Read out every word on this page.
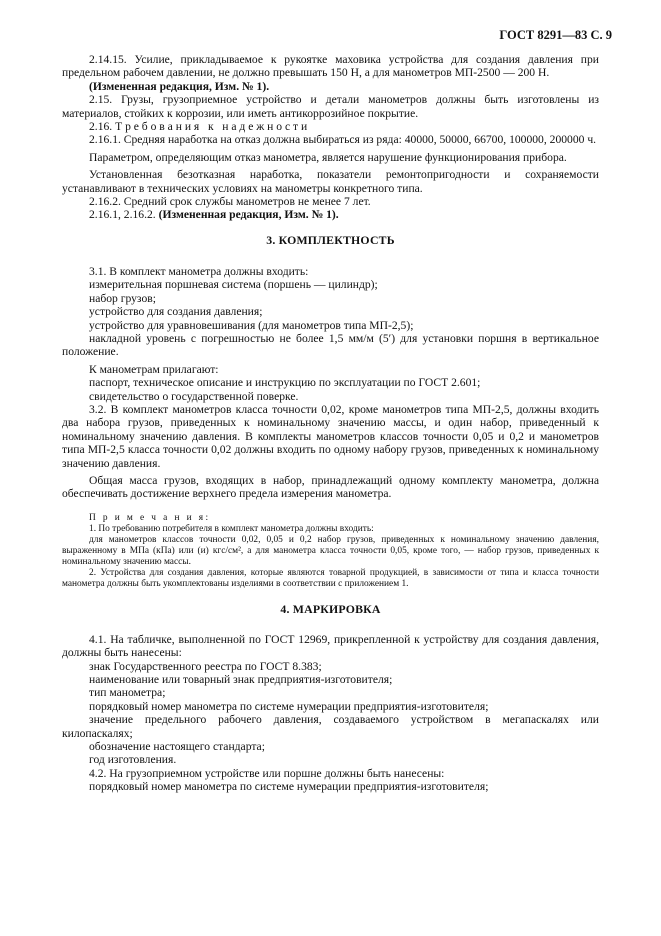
ГОСТ 8291—83 С. 9

2.14.15. Усилие, прикладываемое к рукоятке маховика устройства для создания давления при предельном рабочем давлении, не должно превышать 150 Н, а для манометров МП-2500 — 200 Н.

(Измененная редакция, Изм. № 1).

2.15. Грузы, грузоприемное устройство и детали манометров должны быть изготовлены из материалов, стойких к коррозии, или иметь антикоррозийное покрытие.

2.16. Т р е б о в а н и я   к   н а д е ж н о с т и

2.16.1. Средняя наработка на отказ должна выбираться из ряда: 40000, 50000, 66700, 100000, 200000 ч.

Параметром, определяющим отказ манометра, является нарушение функционирования прибора.

Установленная безотказная наработка, показатели ремонтопригодности и сохраняемости устанавливают в технических условиях на манометры конкретного типа.

2.16.2. Средний срок службы манометров не менее 7 лет.

2.16.1, 2.16.2. (Измененная редакция, Изм. № 1).

3. КОМПЛЕКТНОСТЬ

3.1. В комплект манометра должны входить:

измерительная поршневая система (поршень — цилиндр);

набор грузов;

устройство для создания давления;

устройство для уравновешивания (для манометров типа МП-2,5);

накладной уровень с погрешностью не более 1,5 мм/м (5′) для установки поршня в вертикальное положение.

К манометрам прилагают:

паспорт, техническое описание и инструкцию по эксплуатации по ГОСТ 2.601;

свидетельство о государственной поверке.

3.2. В комплект манометров класса точности 0,02, кроме манометров типа МП-2,5, должны входить два набора грузов, приведенных к номинальному значению массы, и один набор, приведенный к номинальному значению давления. В комплекты манометров классов точности 0,05 и 0,2 и манометров типа МП-2,5 класса точности 0,02 должны входить по одному набору грузов, приведенных к номинальному значению давления.

Общая масса грузов, входящих в набор, принадлежащий одному комплекту манометра, должна обеспечивать достижение верхнего предела измерения манометра.

П р и м е ч а н и я:

1. По требованию потребителя в комплект манометра должны входить:

для манометров классов точности 0,02, 0,05 и 0,2 набор грузов, приведенных к номинальному значению давления, выраженному в МПа (кПа) или (и) кгс/см², а для манометра класса точности 0,05, кроме того, — набор грузов, приведенных к номинальному значению массы.

2. Устройства для создания давления, которые являются товарной продукцией, в зависимости от типа и класса точности манометра должны быть укомплектованы изделиями в соответствии с приложением 1.

4. МАРКИРОВКА

4.1. На табличке, выполненной по ГОСТ 12969, прикрепленной к устройству для создания давления, должны быть нанесены:

знак Государственного реестра по ГОСТ 8.383;

наименование или товарный знак предприятия-изготовителя;

тип манометра;

порядковый номер манометра по системе нумерации предприятия-изготовителя;

значение предельного рабочего давления, создаваемого устройством в мегапаскалях или килопаскалях;

обозначение настоящего стандарта;

год изготовления.

4.2. На грузоприемном устройстве или поршне должны быть нанесены:

порядковый номер манометра по системе нумерации предприятия-изготовителя;
